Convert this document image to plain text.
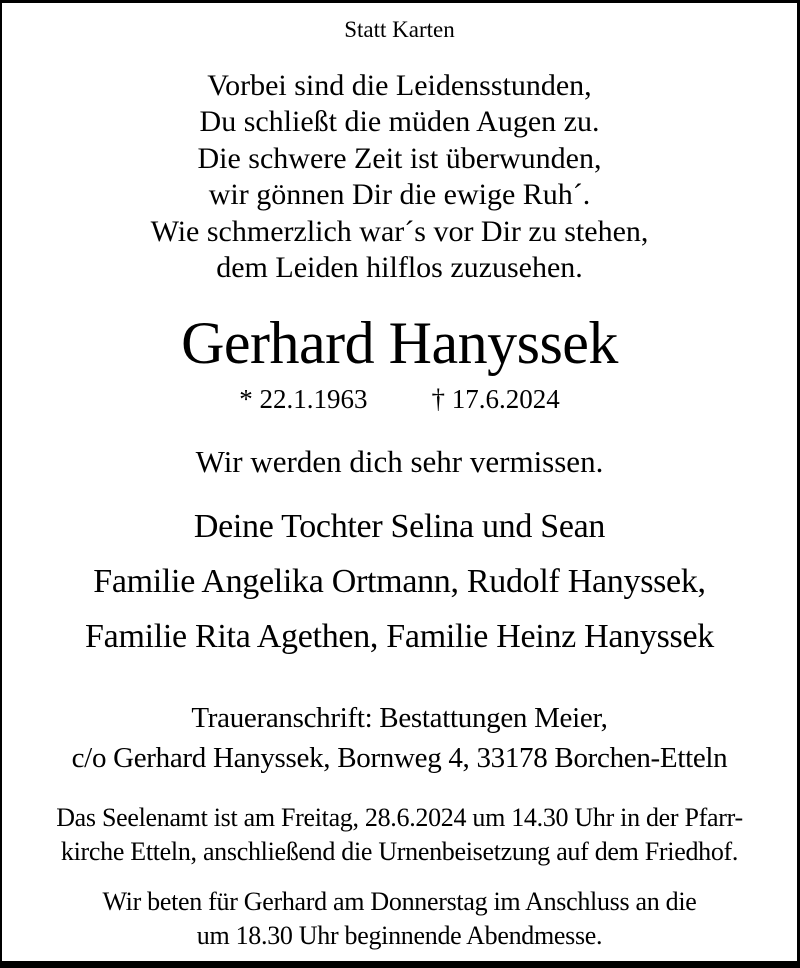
Statt Karten
Vorbei sind die Leidensstunden,
Du schließt die müden Augen zu.
Die schwere Zeit ist überwunden,
wir gönnen Dir die ewige Ruh´.
Wie schmerzlich war´s vor Dir zu stehen,
dem Leiden hilflos zuzusehen.
Gerhard Hanyssek
* 22.1.1963 † 17.6.2024
Wir werden dich sehr vermissen.
Deine Tochter Selina und Sean
Familie Angelika Ortmann, Rudolf Hanyssek,
Familie Rita Agethen, Familie Heinz Hanyssek
Traueranschrift: Bestattungen Meier,
c/o Gerhard Hanyssek, Bornweg 4, 33178 Borchen-Etteln
Das Seelenamt ist am Freitag, 28.6.2024 um 14.30 Uhr in der Pfarr-
kirche Etteln, anschließend die Urnenbeisetzung auf dem Friedhof.
Wir beten für Gerhard am Donnerstag im Anschluss an die
um 18.30 Uhr beginnende Abendmesse.
